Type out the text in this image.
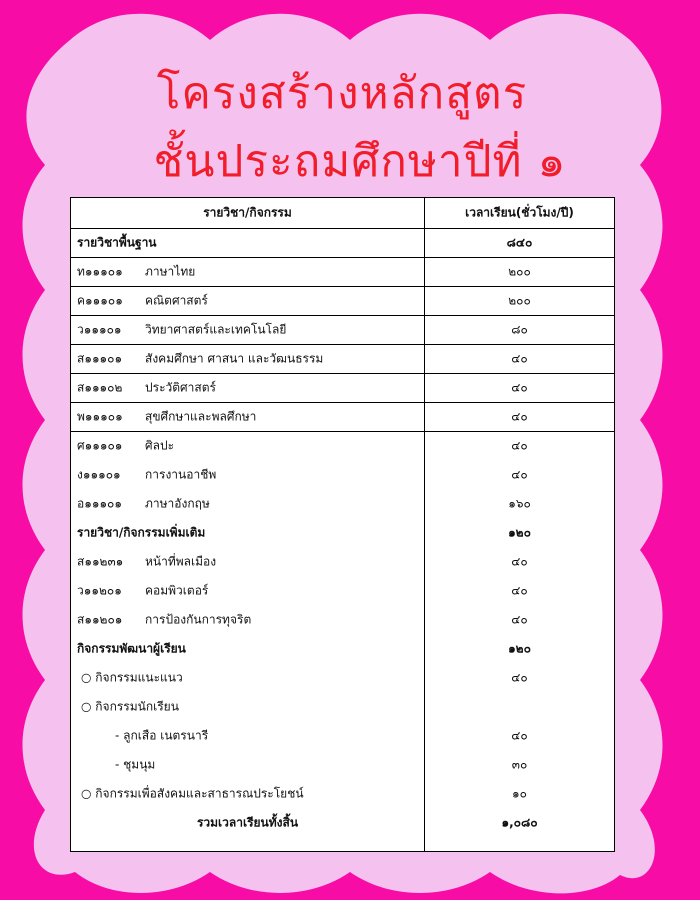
โครงสร้างหลักสูตร
ชั้นประถมศึกษาปีที่ ๑
รายวิชา/กิจกรรม	เวลาเรียน(ชั่วโมง/ปี)
รายวิชาพื้นฐาน	๘๔๐
ท๑๑๑๐๑ ภาษาไทย	๒๐๐
ค๑๑๑๐๑ คณิตศาสตร์	๒๐๐
ว๑๑๑๐๑ วิทยาศาสตร์และเทคโนโลยี	๘๐
ส๑๑๑๐๑ สังคมศึกษา ศาสนา และวัฒนธรรม	๔๐
ส๑๑๑๐๒ ประวัติศาสตร์	๔๐
พ๑๑๑๐๑ สุขศึกษาและพลศึกษา	๔๐
ศ๑๑๑๐๑ ศิลปะ	๔๐
ง๑๑๑๐๑ การงานอาชีพ	๔๐
อ๑๑๑๐๑ ภาษาอังกฤษ	๑๖๐
รายวิชา/กิจกรรมเพิ่มเติม	๑๒๐
ส๑๑๒๓๑ หน้าที่พลเมือง	๔๐
ว๑๑๒๐๑ คอมพิวเตอร์	๔๐
ส๑๑๒๐๑ การป้องกันการทุจริต	๔๐
กิจกรรมพัฒนาผู้เรียน	๑๒๐
○ กิจกรรมแนะแนว	๔๐
○ กิจกรรมนักเรียน
- ลูกเสือ เนตรนารี	๔๐
- ชุมนุม	๓๐
○ กิจกรรมเพื่อสังคมและสาธารณประโยชน์	๑๐
รวมเวลาเรียนทั้งสิ้น	๑,๐๘๐
